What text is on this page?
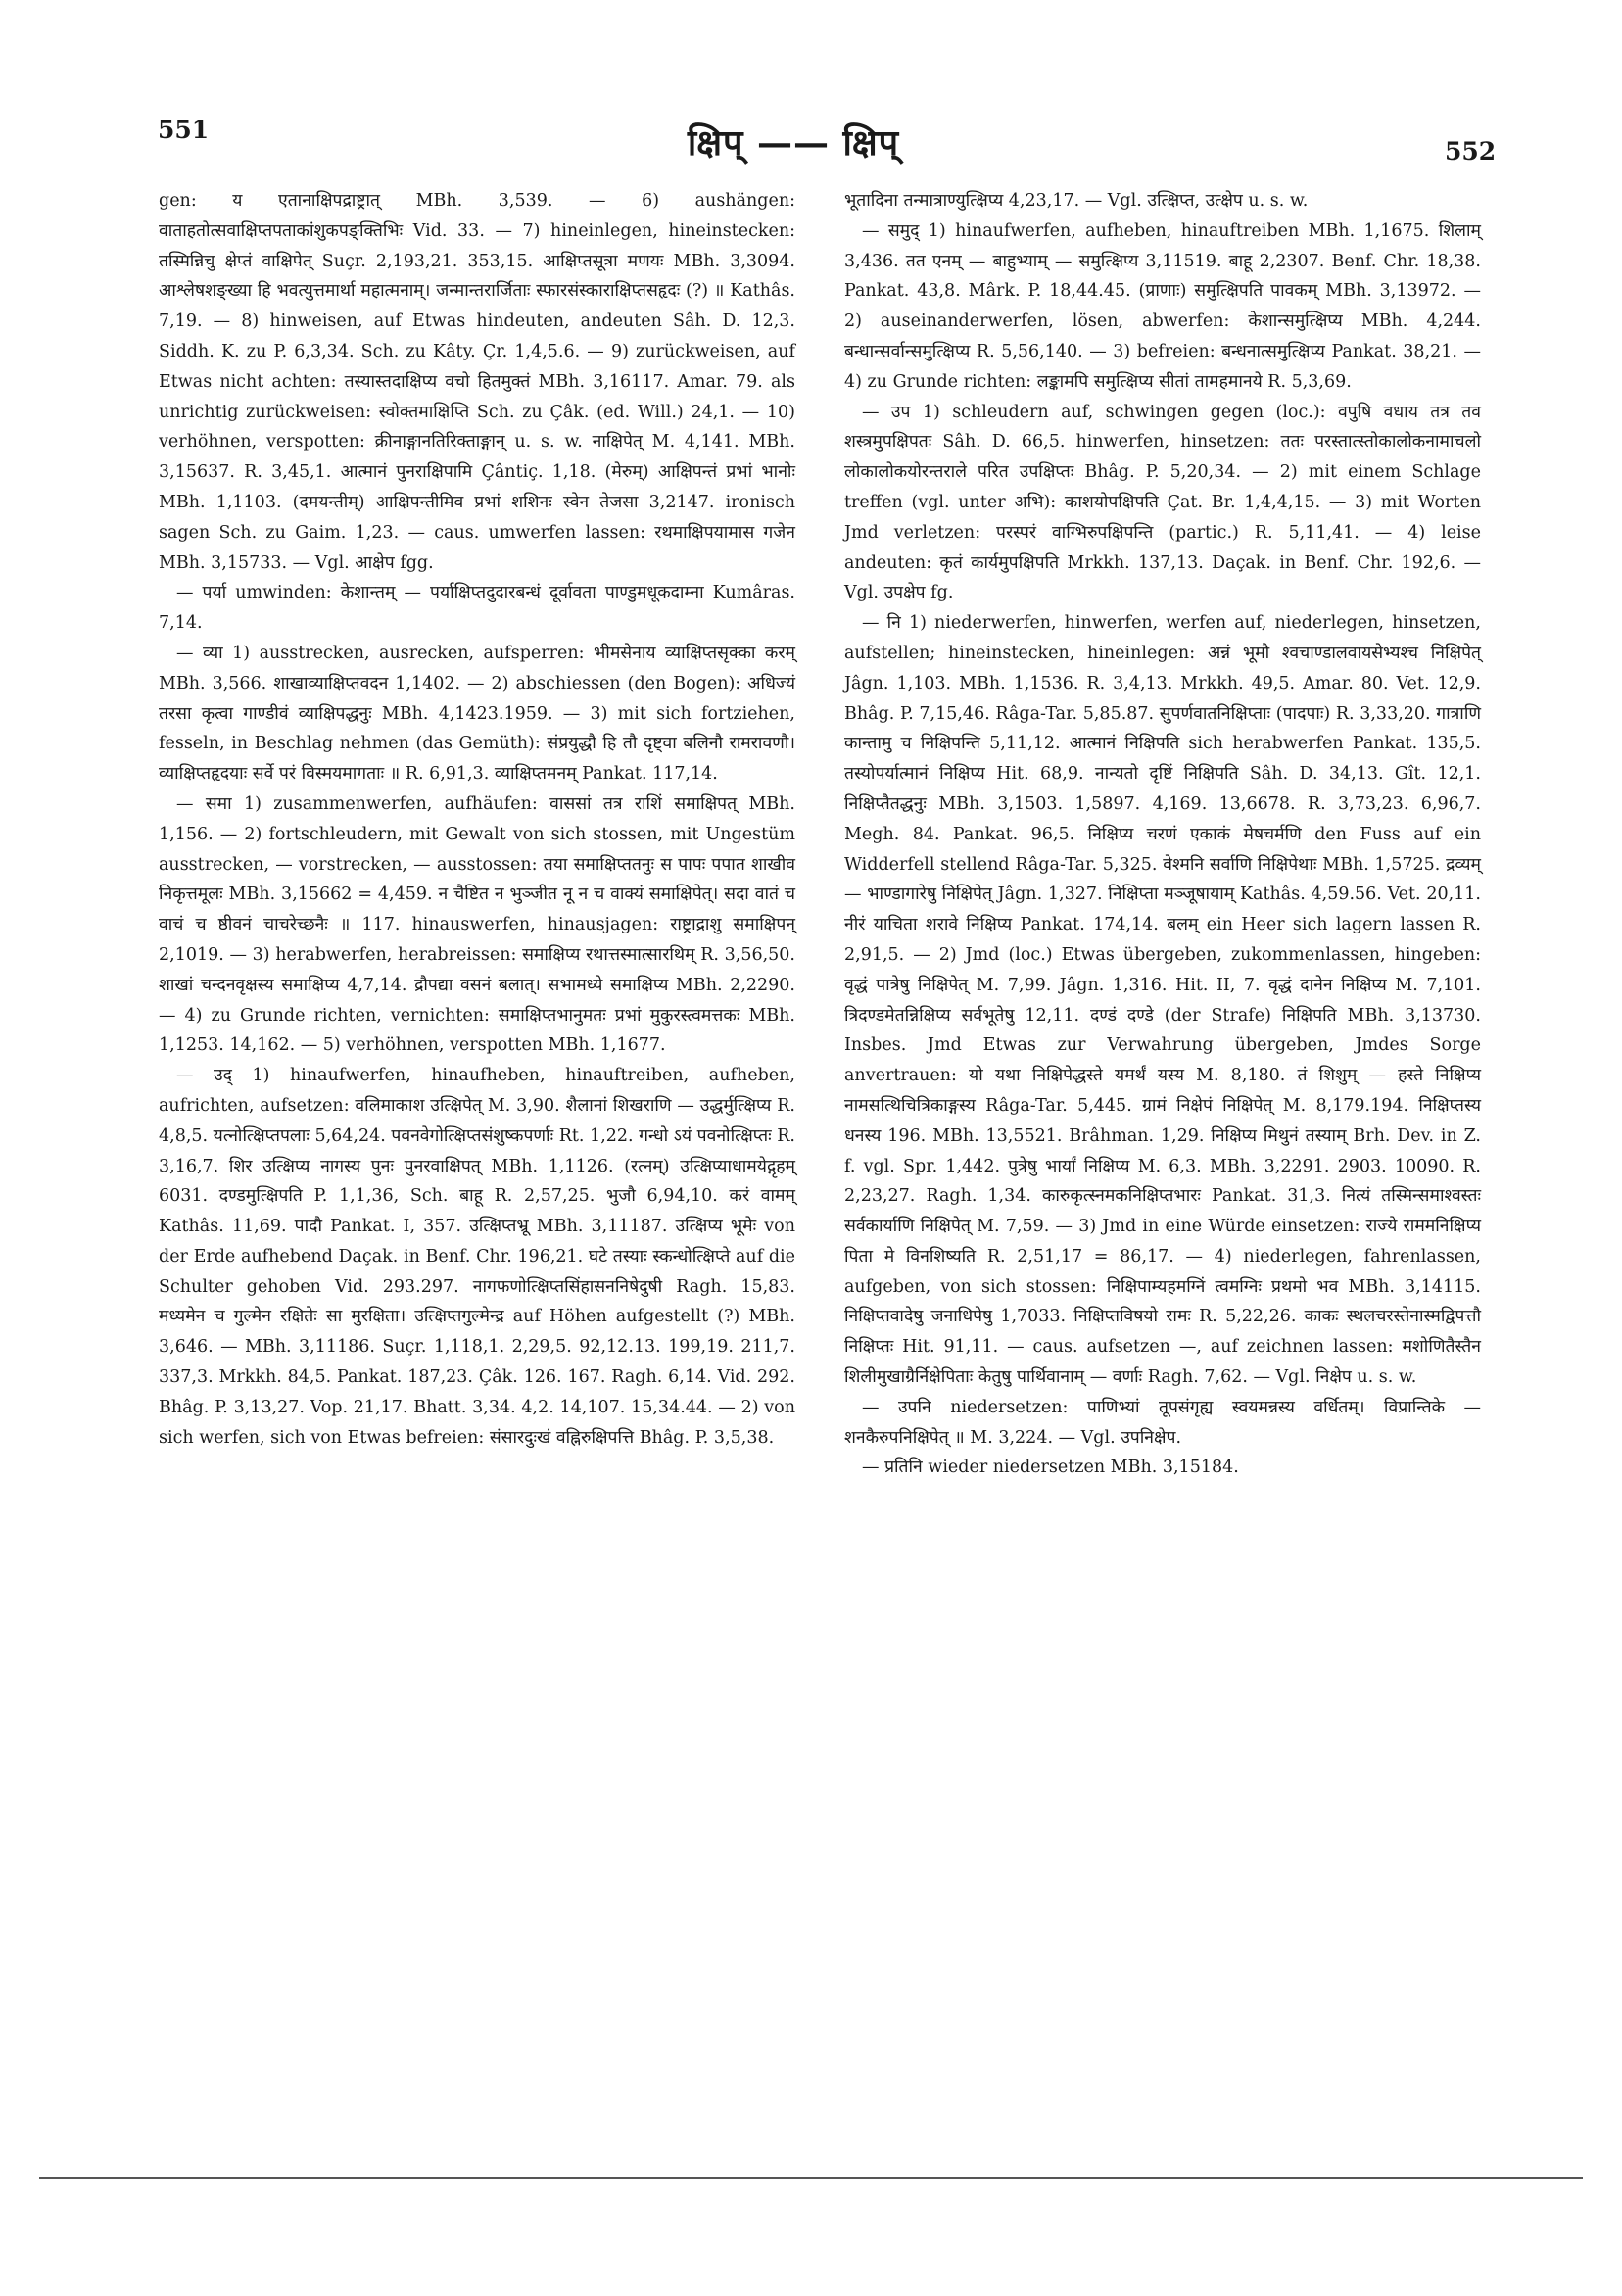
551	क्षिप् —— क्षिप्	552

gen: य एतानाक्षिपद्राष्ट्रात् MBh. 3,539. — 6) aushängen: वाताहतोत्सवाक्षिप्तपताकांशुकपङ्क्तिभिः Vid. 33. — 7) hineinlegen, hineinstecken: तस्मिन्निचु क्षेप्तं वाक्षिपेत् Suçr. 2,193,21. 353,15. आक्षिप्तसूत्रा मणयः MBh. 3,3094. आश्लेषशङ्ख्या हि भवत्युत्तमार्था महात्मनाम्। जन्मान्तरार्जिताः स्फारसंस्काराक्षिप्तसहृदः (?) ॥ Kathâs. 7,19. — 8) hinweisen, auf Etwas hindeuten, andeuten Sâh. D. 12,3. Siddh. K. zu P. 6,3,34. Sch. zu Kâty. Çr. 1,4,5.6. — 9) zurückweisen, auf Etwas nicht achten: तस्यास्तदाक्षिप्य वचो हितमुक्तं MBh. 3,16117. Amar. 79. als unrichtig zurückweisen: स्वोक्तमाक्षिप्ति Sch. zu Çâk. (ed. Will.) 24,1. — 10) verhöhnen, verspotten: क्रीनाङ्गानतिरिक्ताङ्गान् u. s. w. नाक्षिपेत् M. 4,141. MBh. 3,15637. R. 3,45,1. आत्मानं पुनराक्षिपामि Çântiç. 1,18. (मेरुम्) आक्षिपन्तं प्रभां भानोः MBh. 1,1103. (दमयन्तीम्) आक्षिपन्तीमिव प्रभां शशिनः स्वेन तेजसा 3,2147. ironisch sagen Sch. zu Gaim. 1,23. — caus. umwerfen lassen: रथमाक्षिपयामास गजेन MBh. 3,15733. — Vgl. आक्षेप fgg.

— पर्या umwinden: केशान्तम् — पर्याक्षिप्तदुदारबन्धं दूर्वावता पाण्डुमधूकदाम्ना Kumâras. 7,14.

— व्या 1) ausstrecken, ausrecken, aufsperren: भीमसेनाय व्याक्षिप्तसृक्का करम् MBh. 3,566. शाखाव्याक्षिप्तवदन 1,1402. — 2) abschiessen (den Bogen): अधिज्यं तरसा कृत्वा गाण्डीवं व्याक्षिपद्धनुः MBh. 4,1423.1959. — 3) mit sich fortziehen, fesseln, in Beschlag nehmen (das Gemüth): संप्रयुद्धौ हि तौ दृष्ट्वा बलिनौ रामरावणौ। व्याक्षिप्तहृदयाः सर्वे परं विस्मयमागताः ॥ R. 6,91,3. व्याक्षिप्तमनम् Pankat. 117,14.

— समा 1) zusammenwerfen, aufhäufen: वाससां तत्र राशिं समाक्षिपत् MBh. 1,156. — 2) fortschleudern, mit Gewalt von sich stossen, mit Ungestüm ausstrecken, — vorstrecken, — ausstossen: तया समाक्षिप्ततनुः स पापः पपात शाखीव निकृत्तमूलः MBh. 3,15662 = 4,459. न चैष्टित न भुञ्जीत नू न च वाक्यं समाक्षिपेत्। सदा वातं च वाचं च ष्ठीवनं चाचरेच्छनैः ॥ 117. hinauswerfen, hinausjagen: राष्ट्राद्राशु समाक्षिपन् 2,1019. — 3) herabwerfen, herabreissen: समाक्षिप्य रथात्तस्मात्सारथिम् R. 3,56,50. शाखां चन्दनवृक्षस्य समाक्षिप्य 4,7,14. द्रौपद्या वसनं बलात्। सभामध्ये समाक्षिप्य MBh. 2,2290. — 4) zu Grunde richten, vernichten: समाक्षिप्तभानुमतः प्रभां मुकुरस्त्वमत्तकः MBh. 1,1253. 14,162. — 5) verhöhnen, verspotten MBh. 1,1677.

— उद् 1) hinaufwerfen, hinaufheben, hinauftreiben, aufheben, aufrichten, aufsetzen: वलिमाकाश उत्क्षिपेत् M. 3,90. शैलानां शिखराणि — उद्धर्मुत्क्षिप्य R. 4,8,5. यत्नोत्क्षिप्तपलाः 5,64,24. पवनवेगोत्क्षिप्तसंशुष्कपर्णाः Rt. 1,22. गन्धो ऽयं पवनोत्क्षिप्तः R. 3,16,7. शिर उत्क्षिप्य नागस्य पुनः पुनरवाक्षिपत् MBh. 1,1126. (रत्नम्) उत्क्षिप्याधामयेद्गृहम् 6031. दण्डमुत्क्षिपति P. 1,1,36, Sch. बाहू R. 2,57,25. भुजौ 6,94,10. करं वामम् Kathâs. 11,69. पादौ Pankat. I, 357. उत्क्षिप्तभ्रू MBh. 3,11187. उत्क्षिप्य भूमेः von der Erde aufhebend Daçak. in Benf. Chr. 196,21. घटे तस्याः स्कन्धोत्क्षिप्ते auf die Schulter gehoben Vid. 293.297. नागफणोत्क्षिप्तसिंहासननिषेदुषी Ragh. 15,83. मध्यमेन च गुल्मेन रक्षितेः सा मुरक्षिता। उत्क्षिप्तगुल्मेन्द्र auf Höhen aufgestellt (?) MBh. 3,646. — MBh. 3,11186. Suçr. 1,118,1. 2,29,5. 92,12.13. 199,19. 211,7. 337,3. Mrkkh. 84,5. Pankat. 187,23. Çâk. 126. 167. Ragh. 6,14. Vid. 292. Bhâg. P. 3,13,27. Vop. 21,17. Bhatt. 3,34. 4,2. 14,107. 15,34.44. — 2) von sich werfen, sich von Etwas befreien: संसारदुःखं वह्निरुक्षिपत्ति Bhâg. P. 3,5,38.

भूतादिना तन्मात्राण्युत्क्षिप्य 4,23,17. — Vgl. उत्क्षिप्त, उत्क्षेप u. s. w.

— समुद् 1) hinaufwerfen, aufheben, hinauftreiben MBh. 1,1675. शिलाम् 3,436. तत एनम् — बाहुभ्याम् — समुत्क्षिप्य 3,11519. बाहू 2,2307. Benf. Chr. 18,38. Pankat. 43,8. Mârk. P. 18,44.45. (प्राणाः) समुत्क्षिपति पावकम् MBh. 3,13972. — 2) auseinanderwerfen, lösen, abwerfen: केशान्समुत्क्षिप्य MBh. 4,244. बन्धान्सर्वान्समुत्क्षिप्य R. 5,56,140. — 3) befreien: बन्धनात्समुत्क्षिप्य Pankat. 38,21. — 4) zu Grunde richten: लङ्कामपि समुत्क्षिप्य सीतां तामहमानये R. 5,3,69.

— उप 1) schleudern auf, schwingen gegen (loc.): वपुषि वधाय तत्र तव शस्त्रमुपक्षिपतः Sâh. D. 66,5. hinwerfen, hinsetzen: ततः परस्तात्स्तोकालोकनामाचलो लोकालोकयोरन्तराले परित उपक्षिप्तः Bhâg. P. 5,20,34. — 2) mit einem Schlage treffen (vgl. unter अभि): काशयोपक्षिपति Çat. Br. 1,4,4,15. — 3) mit Worten Jmd verletzen: परस्परं वाग्भिरुपक्षिपन्ति (partic.) R. 5,11,41. — 4) leise andeuten: कृतं कार्यमुपक्षिपति Mrkkh. 137,13. Daçak. in Benf. Chr. 192,6. — Vgl. उपक्षेप fg.

— नि 1) niederwerfen, hinwerfen, werfen auf, niederlegen, hinsetzen, aufstellen; hineinstecken, hineinlegen: अन्नं भूमौ श्वचाण्डालवायसेभ्यश्च निक्षिपेत् Jâgn. 1,103. MBh. 1,1536. R. 3,4,13. Mrkkh. 49,5. Amar. 80. Vet. 12,9. Bhâg. P. 7,15,46. Râga-Tar. 5,85.87. सुपर्णवातनिक्षिप्ताः (पादपाः) R. 3,33,20. गात्राणि कान्तामु च निक्षिपन्ति 5,11,12. आत्मानं निक्षिपति sich herabwerfen Pankat. 135,5. तस्योपर्यात्मानं निक्षिप्य Hit. 68,9. नान्यतो दृष्टिं निक्षिपति Sâh. D. 34,13. Gît. 12,1. निक्षिप्तैतद्धनुः MBh. 3,1503. 1,5897. 4,169. 13,6678. R. 3,73,23. 6,96,7. Megh. 84. Pankat. 96,5. निक्षिप्य चरणं एकाकं मेषचर्मणि den Fuss auf ein Widderfell stellend Râga-Tar. 5,325. वेश्मनि सर्वाणि निक्षिपेथाः MBh. 1,5725. द्रव्यम् — भाण्डागारेषु निक्षिपेत् Jâgn. 1,327. निक्षिप्ता मञ्जूषायाम् Kathâs. 4,59.56. Vet. 20,11. नीरं याचिता शरावे निक्षिप्य Pankat. 174,14. बलम् ein Heer sich lagern lassen R. 2,91,5. — 2) Jmd (loc.) Etwas übergeben, zukommenlassen, hingeben: वृद्धं पात्रेषु निक्षिपेत् M. 7,99. Jâgn. 1,316. Hit. II, 7. वृद्धं दानेन निक्षिप्य M. 7,101. त्रिदण्डमेतन्निक्षिप्य सर्वभूतेषु 12,11. दण्डं दण्डे (der Strafe) निक्षिपति MBh. 3,13730. Insbes. Jmd Etwas zur Verwahrung übergeben, Jmdes Sorge anvertrauen: यो यथा निक्षिपेद्धस्ते यमर्थं यस्य M. 8,180. तं शिशुम् — हस्ते निक्षिप्य नामसत्थिचित्रिकाङ्गस्य Râga-Tar. 5,445. ग्रामं निक्षेपं निक्षिपेत् M. 8,179.194. निक्षिप्तस्य धनस्य 196. MBh. 13,5521. Brâhman. 1,29. निक्षिप्य मिथुनं तस्याम् Brh. Dev. in Z. f. vgl. Spr. 1,442. पुत्रेषु भार्यां निक्षिप्य M. 6,3. MBh. 3,2291. 2903. 10090. R. 2,23,27. Ragh. 1,34. कारुकृत्स्नमकनिक्षिप्तभारः Pankat. 31,3. नित्यं तस्मिन्समाश्वस्तः सर्वकार्याणि निक्षिपेत् M. 7,59. — 3) Jmd in eine Würde einsetzen: राज्ये राममनिक्षिप्य पिता मे विनशिष्यति R. 2,51,17 = 86,17. — 4) niederlegen, fahrenlassen, aufgeben, von sich stossen: निक्षिपाम्यहमग्निं त्वमग्निः प्रथमो भव MBh. 3,14115. निक्षिप्तवादेषु जनाधिपेषु 1,7033. निक्षिप्तविषयो रामः R. 5,22,26. काकः स्थलचरस्तेनास्मद्विपत्तौ निक्षिप्तः Hit. 91,11. — caus. aufsetzen —, auf zeichnen lassen: मशोणितैस्तैन शिलीमुखाग्रैर्निक्षेपिताः केतुषु पार्थिवानाम् — वर्णाः Ragh. 7,62. — Vgl. निक्षेप u. s. w.

— उपनि niedersetzen: पाणिभ्यां तूपसंगृह्य स्वयमन्नस्य वर्धितम्। विप्रान्तिके — शनकैरुपनिक्षिपेत् ॥ M. 3,224. — Vgl. उपनिक्षेप.

— प्रतिनि wieder niedersetzen MBh. 3,15184.
